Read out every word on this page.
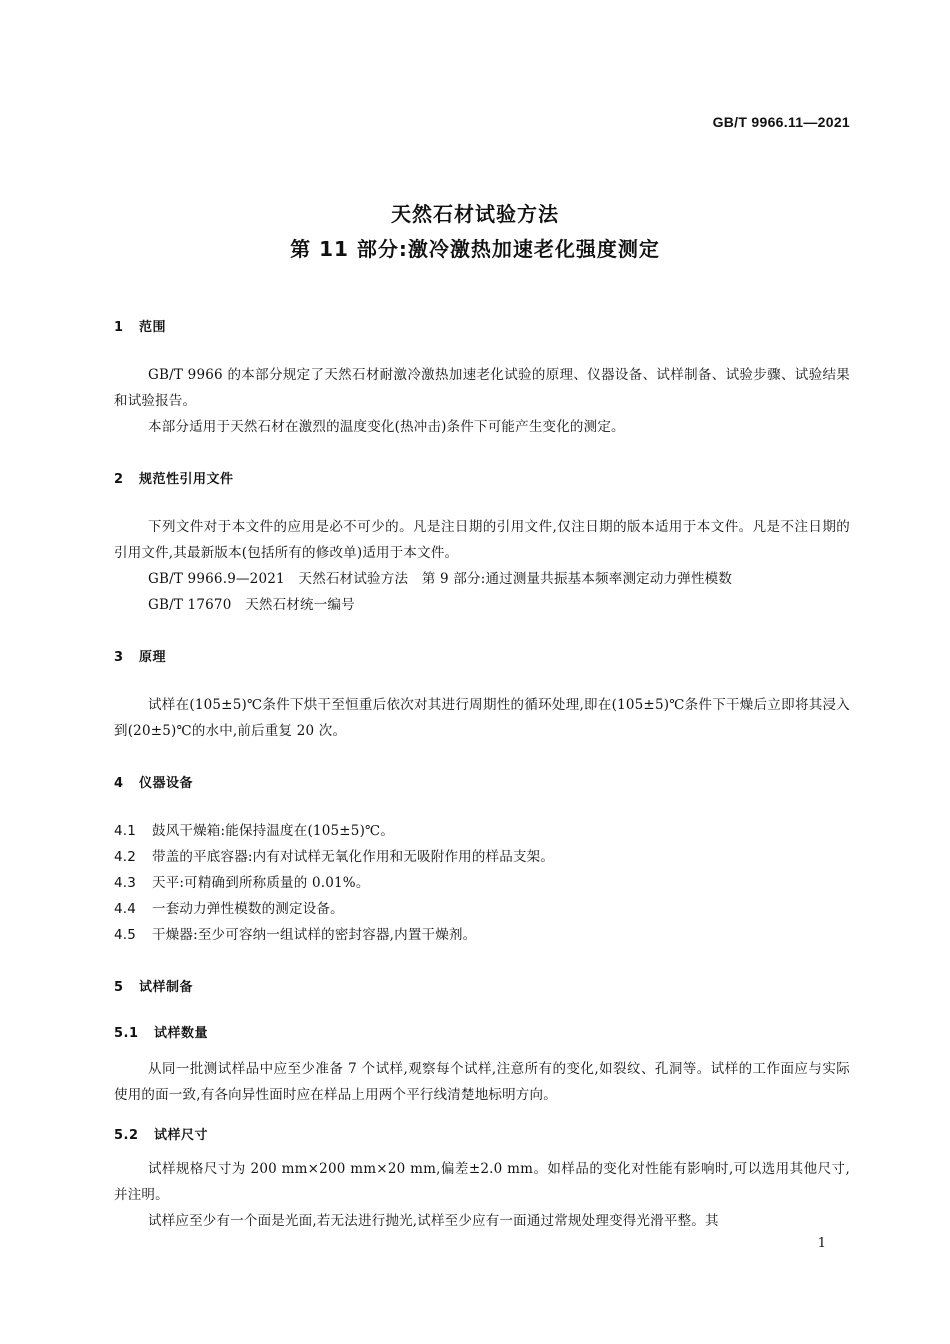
GB/T 9966.11—2021
天然石材试验方法
第 11 部分:激冷激热加速老化强度测定
1 范围
GB/T 9966 的本部分规定了天然石材耐激冷激热加速老化试验的原理、仪器设备、试样制备、试验步骤、试验结果和试验报告。
本部分适用于天然石材在激烈的温度变化(热冲击)条件下可能产生变化的测定。
2 规范性引用文件
下列文件对于本文件的应用是必不可少的。凡是注日期的引用文件,仅注日期的版本适用于本文件。凡是不注日期的引用文件,其最新版本(包括所有的修改单)适用于本文件。
GB/T 9966.9—2021　天然石材试验方法　第 9 部分:通过测量共振基本频率测定动力弹性模数
GB/T 17670　天然石材统一编号
3 原理
试样在(105±5)℃条件下烘干至恒重后依次对其进行周期性的循环处理,即在(105±5)℃条件下干燥后立即将其浸入到(20±5)℃的水中,前后重复 20 次。
4 仪器设备
4.1 鼓风干燥箱:能保持温度在(105±5)℃。
4.2 带盖的平底容器:内有对试样无氧化作用和无吸附作用的样品支架。
4.3 天平:可精确到所称质量的 0.01%。
4.4 一套动力弹性模数的测定设备。
4.5 干燥器:至少可容纳一组试样的密封容器,内置干燥剂。
5 试样制备
5.1 试样数量
从同一批测试样品中应至少准备 7 个试样,观察每个试样,注意所有的变化,如裂纹、孔洞等。试样的工作面应与实际使用的面一致,有各向异性面时应在样品上用两个平行线清楚地标明方向。
5.2 试样尺寸
试样规格尺寸为 200 mm×200 mm×20 mm,偏差±2.0 mm。如样品的变化对性能有影响时,可以选用其他尺寸,并注明。
试样应至少有一个面是光面,若无法进行抛光,试样至少应有一面通过常规处理变得光滑平整。其
1
